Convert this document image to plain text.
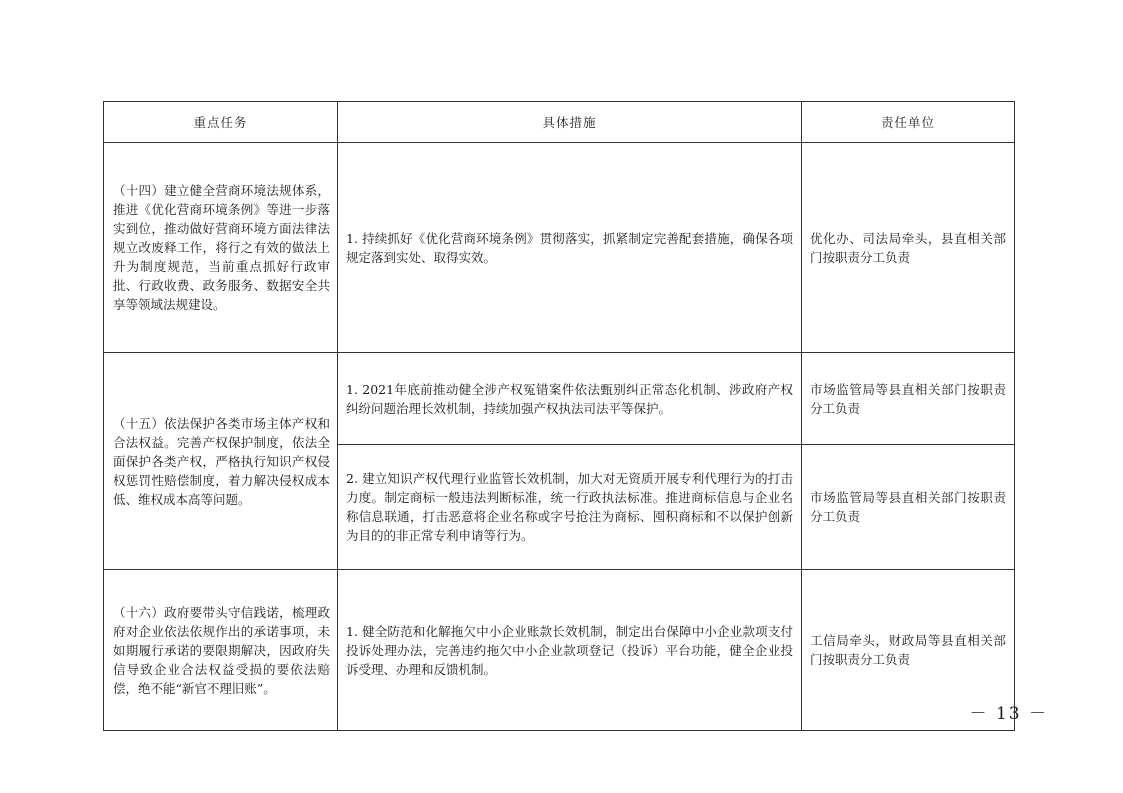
重点任务	具体措施	责任单位

（十四）建立健全营商环境法规体系，推进《优化营商环境条例》等进一步落实到位，推动做好营商环境方面法律法规立改废释工作，将行之有效的做法上升为制度规范，当前重点抓好行政审批、行政收费、政务服务、数据安全共享等领域法规建设。	1. 持续抓好《优化营商环境条例》贯彻落实，抓紧制定完善配套措施，确保各项规定落到实处、取得实效。	优化办、司法局牵头，县直相关部门按职责分工负责

（十五）依法保护各类市场主体产权和合法权益。完善产权保护制度，依法全面保护各类产权，严格执行知识产权侵权惩罚性赔偿制度，着力解决侵权成本低、维权成本高等问题。	1. 2021年底前推动健全涉产权冤错案件依法甄别纠正常态化机制、涉政府产权纠纷问题治理长效机制，持续加强产权执法司法平等保护。	市场监管局等县直相关部门按职责分工负责

	2. 建立知识产权代理行业监管长效机制，加大对无资质开展专利代理行为的打击力度。制定商标一般违法判断标准，统一行政执法标准。推进商标信息与企业名称信息联通，打击恶意将企业名称或字号抢注为商标、囤积商标和不以保护创新为目的的非正常专利申请等行为。	市场监管局等县直相关部门按职责分工负责

（十六）政府要带头守信践诺，梳理政府对企业依法依规作出的承诺事项，未如期履行承诺的要限期解决，因政府失信导致企业合法权益受损的要依法赔偿，绝不能“新官不理旧账”。	1. 健全防范和化解拖欠中小企业账款长效机制，制定出台保障中小企业款项支付投诉处理办法，完善违约拖欠中小企业款项登记（投诉）平台功能，健全企业投诉受理、办理和反馈机制。	工信局牵头，财政局等县直相关部门按职责分工负责
－ 13 －
